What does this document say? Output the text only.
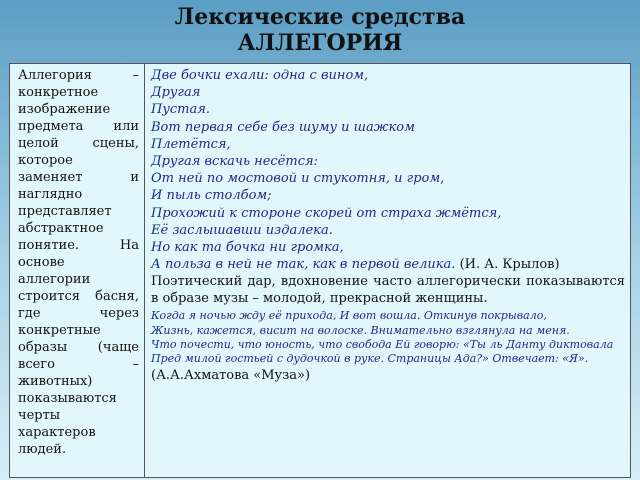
Лексические средства
АЛЛЕГОРИЯ
Аллегория – конкретное изображение предмета или целой сцены, которое заменяет и наглядно представляет абстрактное понятие. На основе аллегории строится басня, где через конкретные образы (чаще всего – животных) показываются черты характеров людей.
Две бочки ехали: одна с вином,
Другая
Пустая.
Вот первая себе без шуму и шажком
Плетётся,
Другая вскачь несётся:
От ней по мостовой и стукотня, и гром,
И пыль столбом;
Прохожий к стороне скорей от страха жмётся,
Её заслышавши издалека.
Но как та бочка ни громка,
А польза в ней не так, как в первой велика. (И. А. Крылов)
Поэтический дар, вдохновение часто аллегорически показываются в образе музы – молодой, прекрасной женщины.
Когда я ночью жду её прихода, И вот вошла. Откинув покрывало,
Жизнь, кажется, висит на волоске. Внимательно взглянула на меня.
Что почести, что юность, что свобода Ей говорю: «Ты ль Данту диктовала
Пред милой гостьей с дудочкой в руке. Страницы Ада?» Отвечает: «Я».
(А.А.Ахматова «Муза»)
